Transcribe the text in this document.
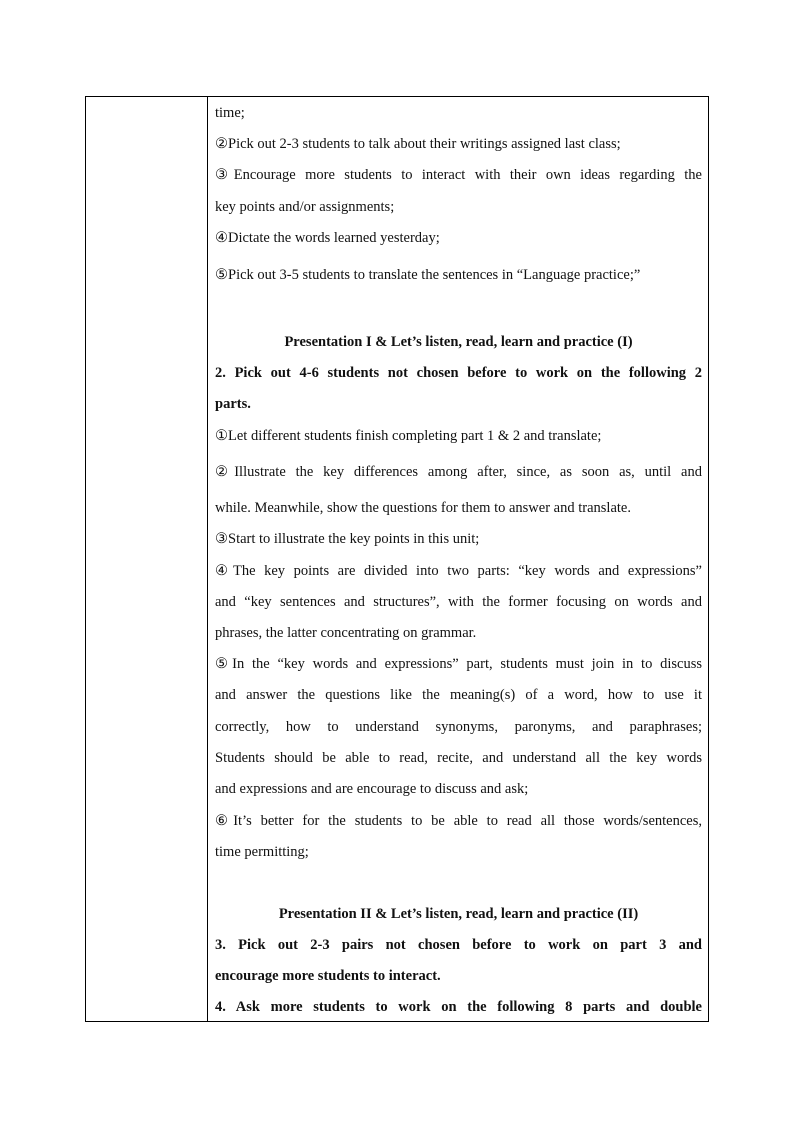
time;
②Pick out 2-3 students to talk about their writings assigned last class;
③Encourage more students to interact with their own ideas regarding the
key points and/or assignments;
④Dictate the words learned yesterday;
⑤Pick out 3-5 students to translate the sentences in “Language practice;”
Presentation I & Let’s listen, read, learn and practice (I)
2. Pick out 4-6 students not chosen before to work on the following 2
parts.
①Let different students finish completing part 1 & 2 and translate;
②Illustrate the key differences among after, since, as soon as, until and
while. Meanwhile, show the questions for them to answer and translate.
③Start to illustrate the key points in this unit;
④The key points are divided into two parts: “key words and expressions”
and “key sentences and structures”, with the former focusing on words and
phrases, the latter concentrating on grammar.
⑤In the “key words and expressions” part, students must join in to discuss
and answer the questions like the meaning(s) of a word, how to use it
correctly, how to understand synonyms, paronyms, and paraphrases;
Students should be able to read, recite, and understand all the key words
and expressions and are encourage to discuss and ask;
⑥It’s better for the students to be able to read all those words/sentences,
time permitting;
Presentation II & Let’s listen, read, learn and practice (II)
3. Pick out 2-3 pairs not chosen before to work on part 3 and
encourage more students to interact.
4. Ask more students to work on the following 8 parts and double
